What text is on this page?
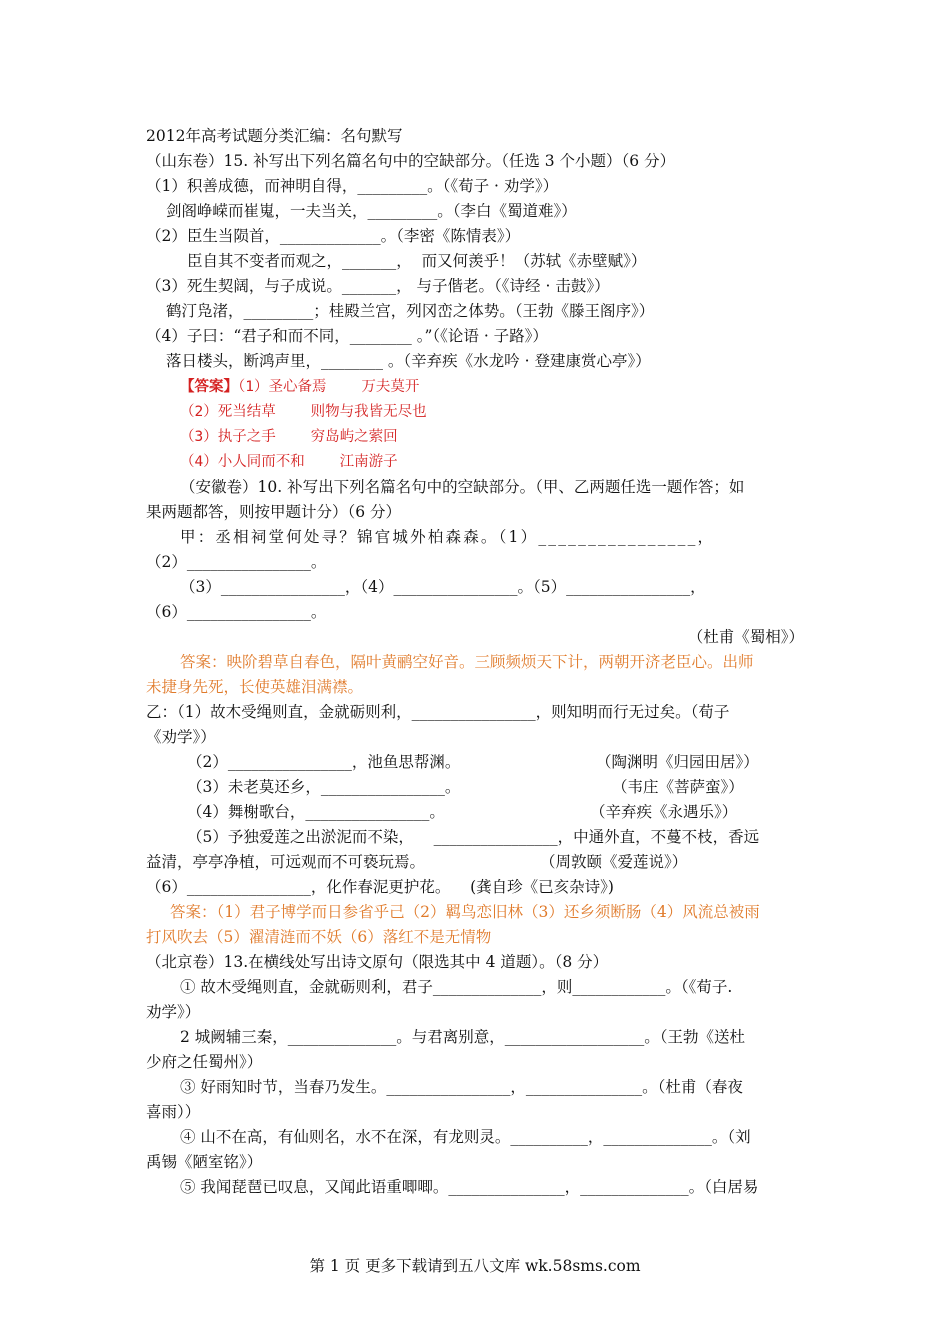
2012年高考试题分类汇编：名句默写
（山东卷）15. 补写出下列名篇名句中的空缺部分。（任选 3 个小题）（6 分）
（1）积善成德，而神明自得，_________。（《荀子 · 劝学》）
剑阁峥嵘而崔嵬，一夫当关，_________。（李白《蜀道难》）
（2）臣生当陨首，_____________。（李密《陈情表》）
臣自其不变者而观之，_______，  而又何羡乎！（苏轼《赤壁赋》）
（3）死生契阔，与子成说。_______， 与子偕老。（《诗经 · 击鼓》）
鹤汀凫渚，_________；桂殿兰宫，列冈峦之体势。（王勃《滕王阁序》）
（4）子曰：“君子和而不同，________ 。”（《论语 · 子路》）
落日楼头，断鸿声里，________ 。（辛弃疾《水龙吟 · 登建康赏心亭》）
【答案】（1）圣心备焉    万夫莫开
（2）死当结草    则物与我皆无尽也
（3）执子之手    穷岛屿之萦回
（4）小人同而不和    江南游子
（安徽卷）10. 补写出下列名篇名句中的空缺部分。（甲、乙两题任选一题作答；如
果两题都答，则按甲题计分）（6 分）
甲：丞相祠堂何处寻？锦官城外柏森森。（1）________________，
（2）________________。
（3）________________，（4）________________。（5）________________，
（6）________________。
（杜甫《蜀相》）
答案：映阶碧草自春色，隔叶黄鹂空好音。三顾频烦天下计，两朝开济老臣心。出师
未捷身先死，长使英雄泪满襟。
乙：（1）故木受绳则直，金就砺则利，________________，则知明而行无过矣。（荀子
《劝学》）
（2）________________，池鱼思帮渊。	（陶渊明《归园田居》）
（3）未老莫还乡，________________。	（韦庄《菩萨蛮》）
（4）舞榭歌台，________________。	（辛弃疾《永遇乐》）
（5）予独爱莲之出淤泥而不染，    ________________，中通外直，不蔓不枝，香远
益清，亭亭净植，可远观而不可亵玩焉。	（周敦颐《爱莲说》）
（6）________________，化作春泥更护花。    (龚自珍《已亥杂诗》)
答案：（1）君子博学而日参省乎己（2）羁鸟恋旧林（3）还乡须断肠（4）风流总被雨
打风吹去（5）濯清涟而不妖（6）落红不是无情物
（北京卷）13.在横线处写出诗文原句（限选其中 4 道题）。（8 分）
① 故木受绳则直，金就砺则利，君子______________，则____________。（《荀子.
劝学》）
2 城阙辅三秦，______________。与君离别意，__________________。（王勃《送杜
少府之任蜀州》）
③ 好雨知时节，当春乃发生。________________，_______________。（杜甫（春夜
喜雨））
④ 山不在高，有仙则名，水不在深，有龙则灵。__________，______________。（刘
禹锡《陋室铭》）
⑤ 我闻琵琶已叹息，又闻此语重唧唧。_______________，______________。（白居易
第 1 页 更多下载请到五八文库 wk.58sms.com
